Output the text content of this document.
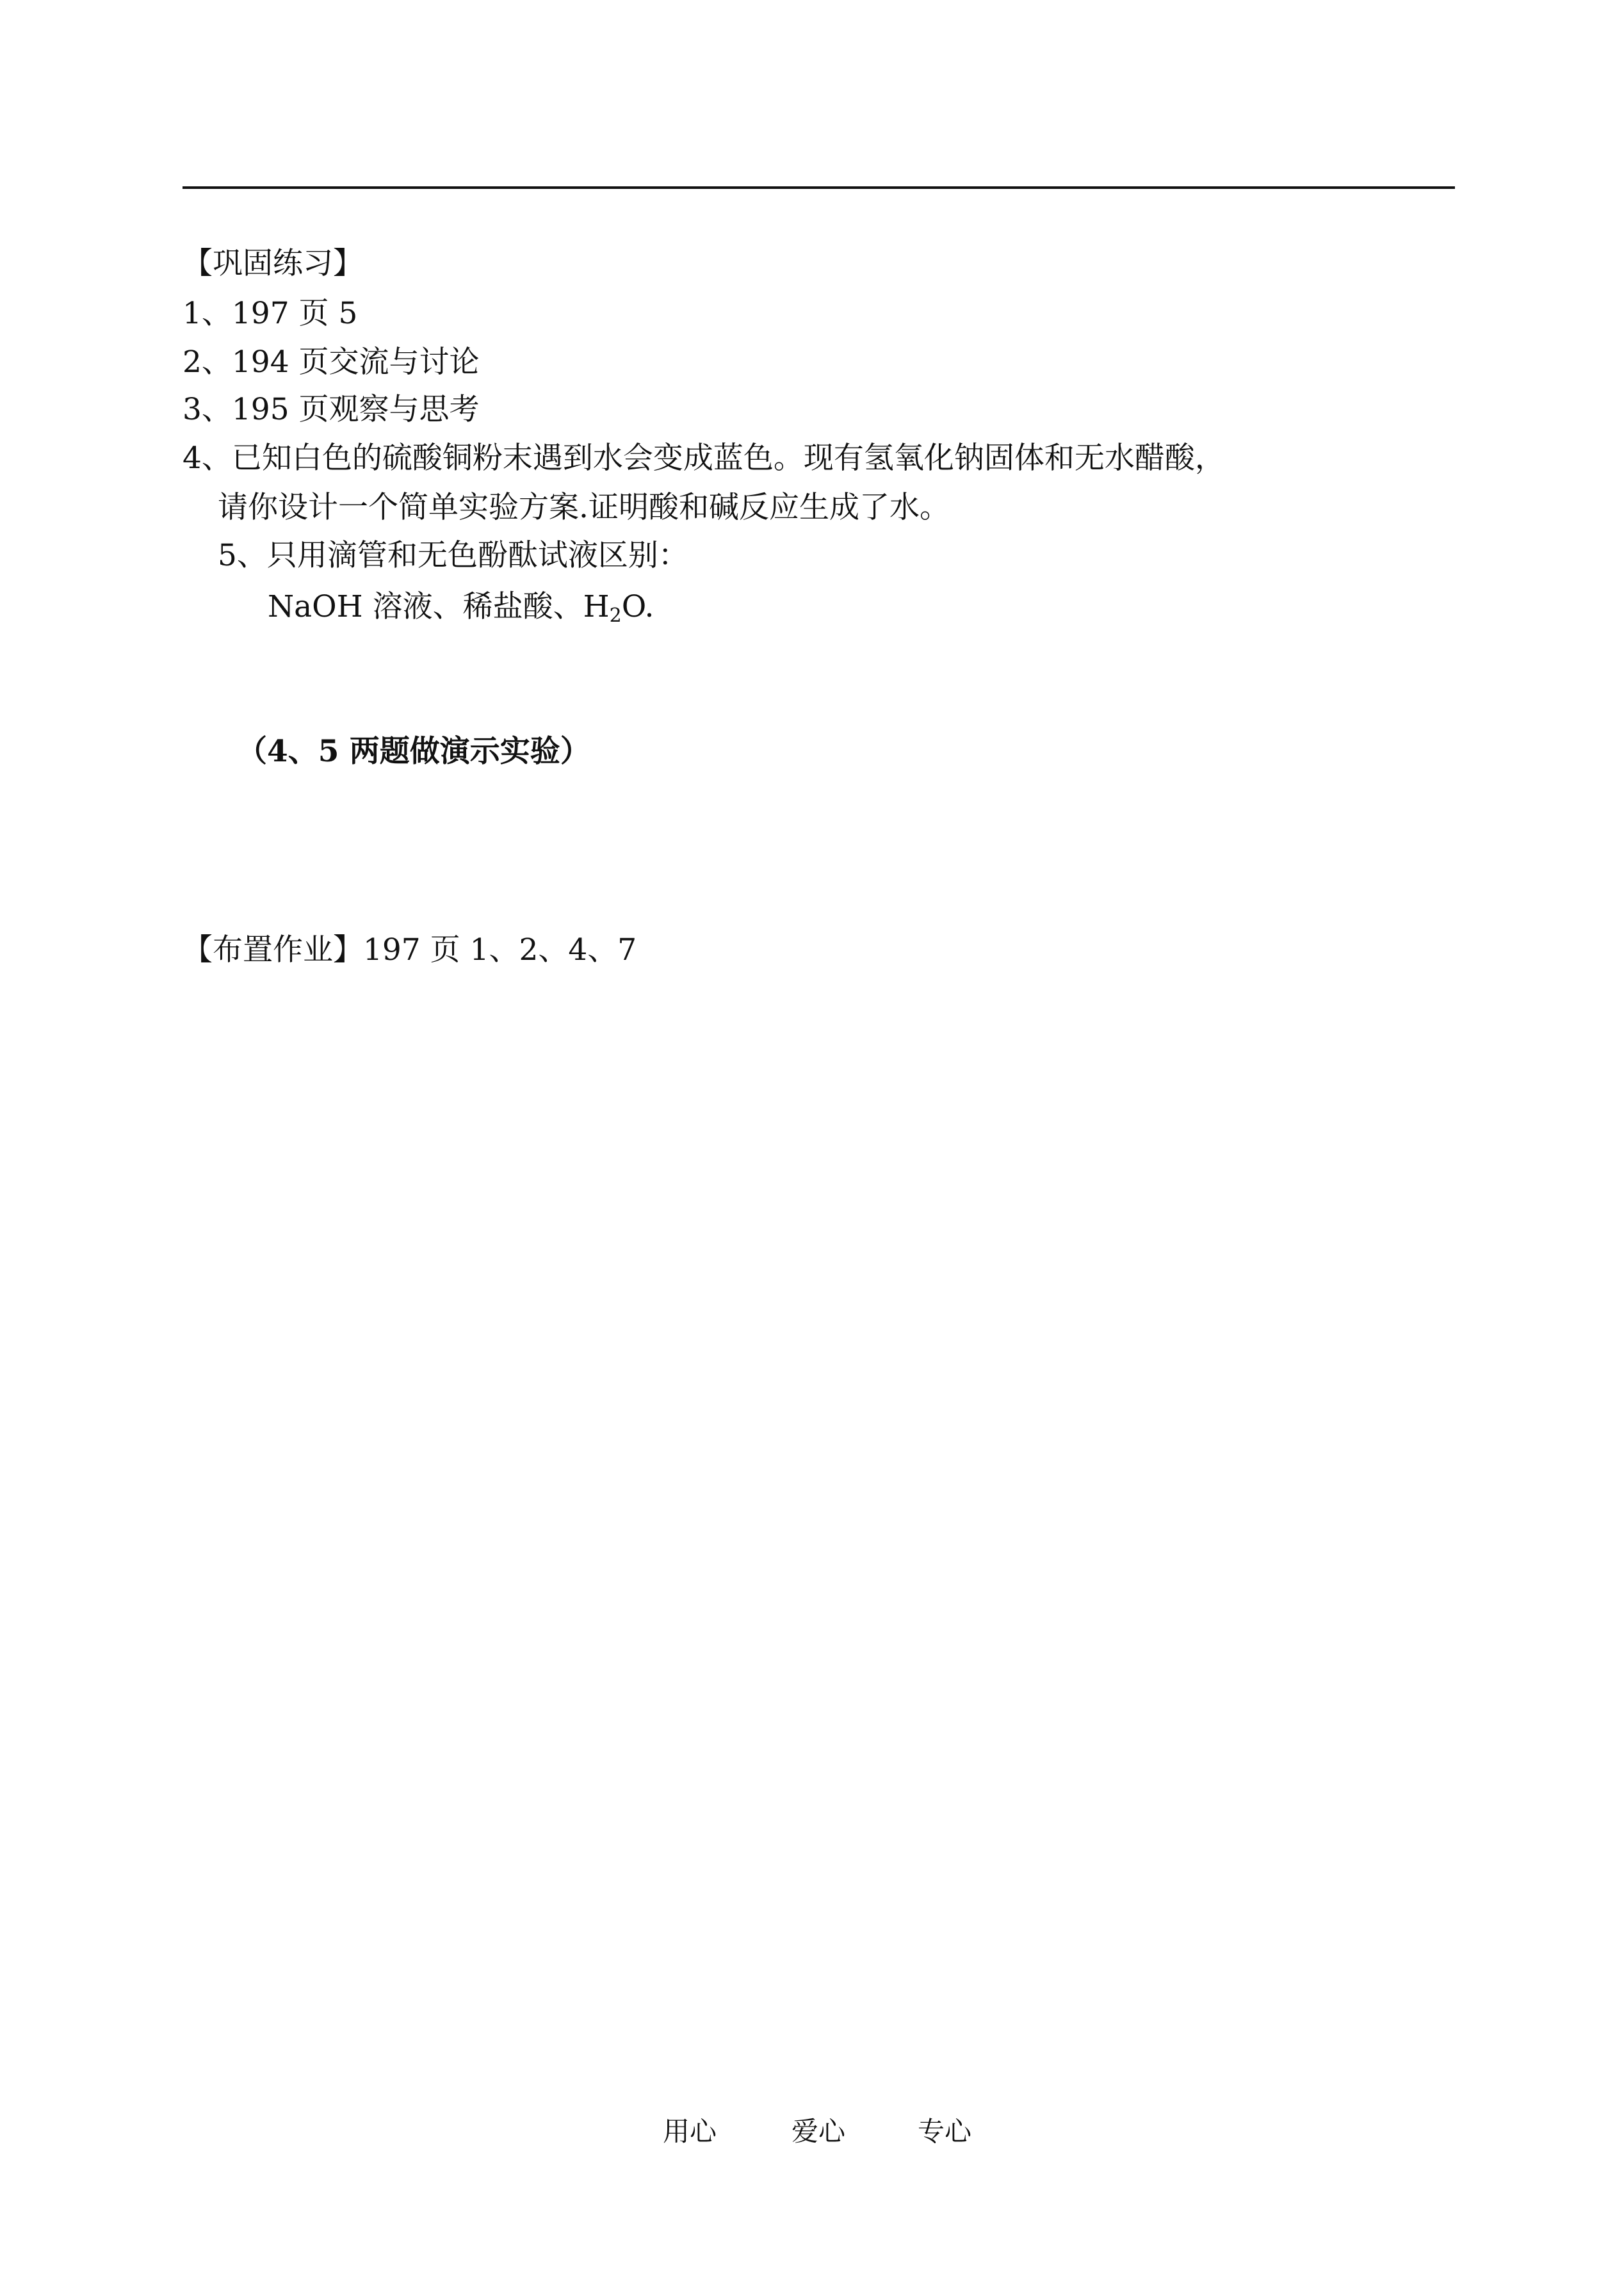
【巩固练习】
1、197 页 5
2、194 页交流与讨论
3、195 页观察与思考
4、已知白色的硫酸铜粉末遇到水会变成蓝色。现有氢氧化钠固体和无水醋酸，
请你设计一个简单实验方案.证明酸和碱反应生成了水。
5、只用滴管和无色酚酞试液区别：
NaOH 溶液、稀盐酸、$H_2O$.
（4、5 两题做演示实验）
【布置作业】197 页 1、2、4、7
用心	爱心	专心
